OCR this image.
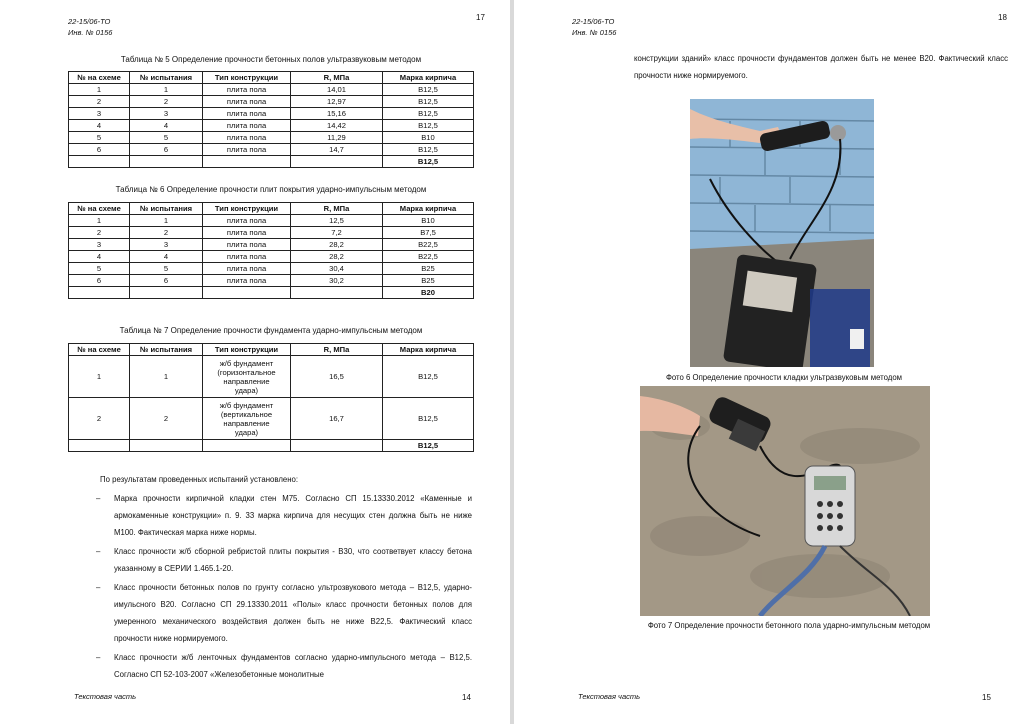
22-15/06-ТО
Инв. № 0156
17
Таблица № 5 Определение прочности бетонных полов ультразвуковым методом
№ на схеме	№ испытания	Тип конструкции	R, МПа	Марка кирпича
1	1	плита пола	14,01	B12,5
2	2	плита пола	12,97	B12,5
3	3	плита пола	15,16	B12,5
4	4	плита пола	14,42	B12,5
5	5	плита пола	11,29	B10
6	6	плита пола	14,7	B12,5
				B12,5
Таблица № 6 Определение прочности плит покрытия ударно-импульсным методом
№ на схеме	№ испытания	Тип конструкции	R, МПа	Марка кирпича
1	1	плита пола	12,5	B10
2	2	плита пола	7,2	B7,5
3	3	плита пола	28,2	B22,5
4	4	плита пола	28,2	B22,5
5	5	плита пола	30,4	B25
6	6	плита пола	30,2	B25
				B20
Таблица № 7 Определение прочности фундамента ударно-импульсным методом
№ на схеме	№ испытания	Тип конструкции	R, МПа	Марка кирпича
1	1	ж/б фундамент (горизонтальное направление удара)	16,5	B12,5
2	2	ж/б фундамент (вертикальное направление удара)	16,7	B12,5
				B12,5
По результатам проведенных испытаний установлено:
– Марка прочности кирпичной кладки стен М75. Согласно СП 15.13330.2012 «Каменные и армокаменные конструкции» п. 9. 33 марка кирпича для несущих стен должна быть не ниже М100. Фактическая марка ниже нормы.
– Класс прочности ж/б сборной ребристой плиты покрытия - B30, что соответвует классу бетона указанному в СЕРИИ 1.465.1-20.
– Класс прочности бетонных полов по грунту согласно ультрозвукового метода – B12,5, ударно-имульсного B20. Согласно СП 29.13330.2011 «Полы» класс прочности бетонных полов для умеренного механического воздействия должен быть не ниже B22,5. Фактический класс прочности ниже нормируемого.
– Класс прочности ж/б ленточных фундаментов согласно ударно-импульсного метода – B12,5. Согласно СП 52-103-2007 «Железобетонные монолитные
Текстовая часть	14
22-15/06-ТО
Инв. № 0156
18
конструкции зданий» класс прочности фундаментов должен быть не менее B20. Фактический класс прочности ниже нормируемого.
Фото 6 Определение прочности кладки ультразвуковым методом
Фото 7 Определение прочности бетонного пола ударно-импульсным методом
Текстовая часть	15
